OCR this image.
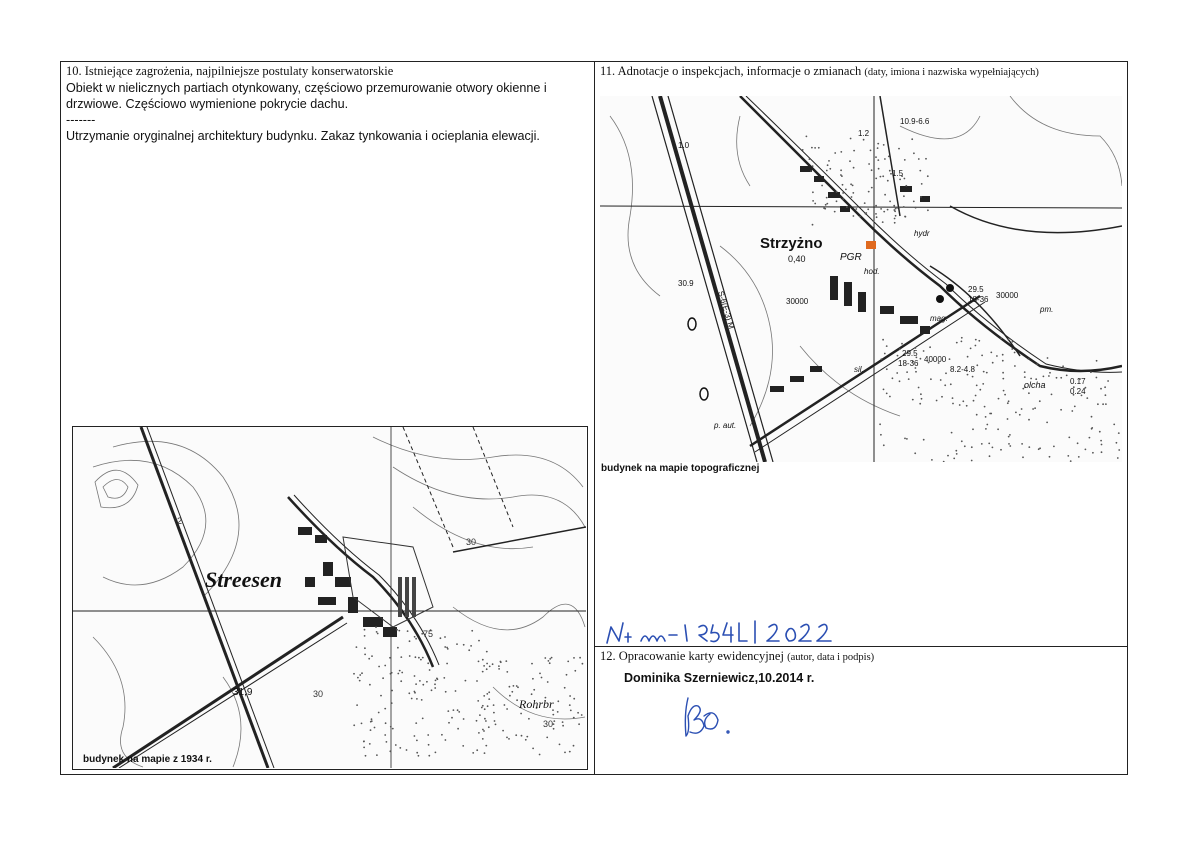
10. Istniejące zagrożenia, najpilniejsze postulaty konserwatorskie
Obiekt w nielicznych partiach otynkowany, częściowo przemurowanie otwory okienne i drzwiowe. Częściowo wymienione pokrycie dachu.
-------
Utrzymanie oryginalnej architektury budynku. Zakaz tynkowania i ocieplania elewacji.
11. Adnotacje o inspekcjach, informacje o zmianach (daty, imiona i nazwiska wypełniających)
12. Opracowanie karty ewidencyjnej (autor, data i podpis)
Dominika Szerniewicz,10.2014 r.
Streesen
31,9
30
30
30
2
75
Rohrbr
budynek na mapie z 1934 r.
Strzyżno
0,40	PGR
hod.
hydr
mag.
30.9
30000
30000
29.5
18-36
29.5
18-36 40000
8.2-4.8
olcha	0.17
0.24
p. aut.
1.0
1.2
1.5
10.9-6.6
sil.
pm.
S-6(E-3) M
budynek na mapie topograficznej
